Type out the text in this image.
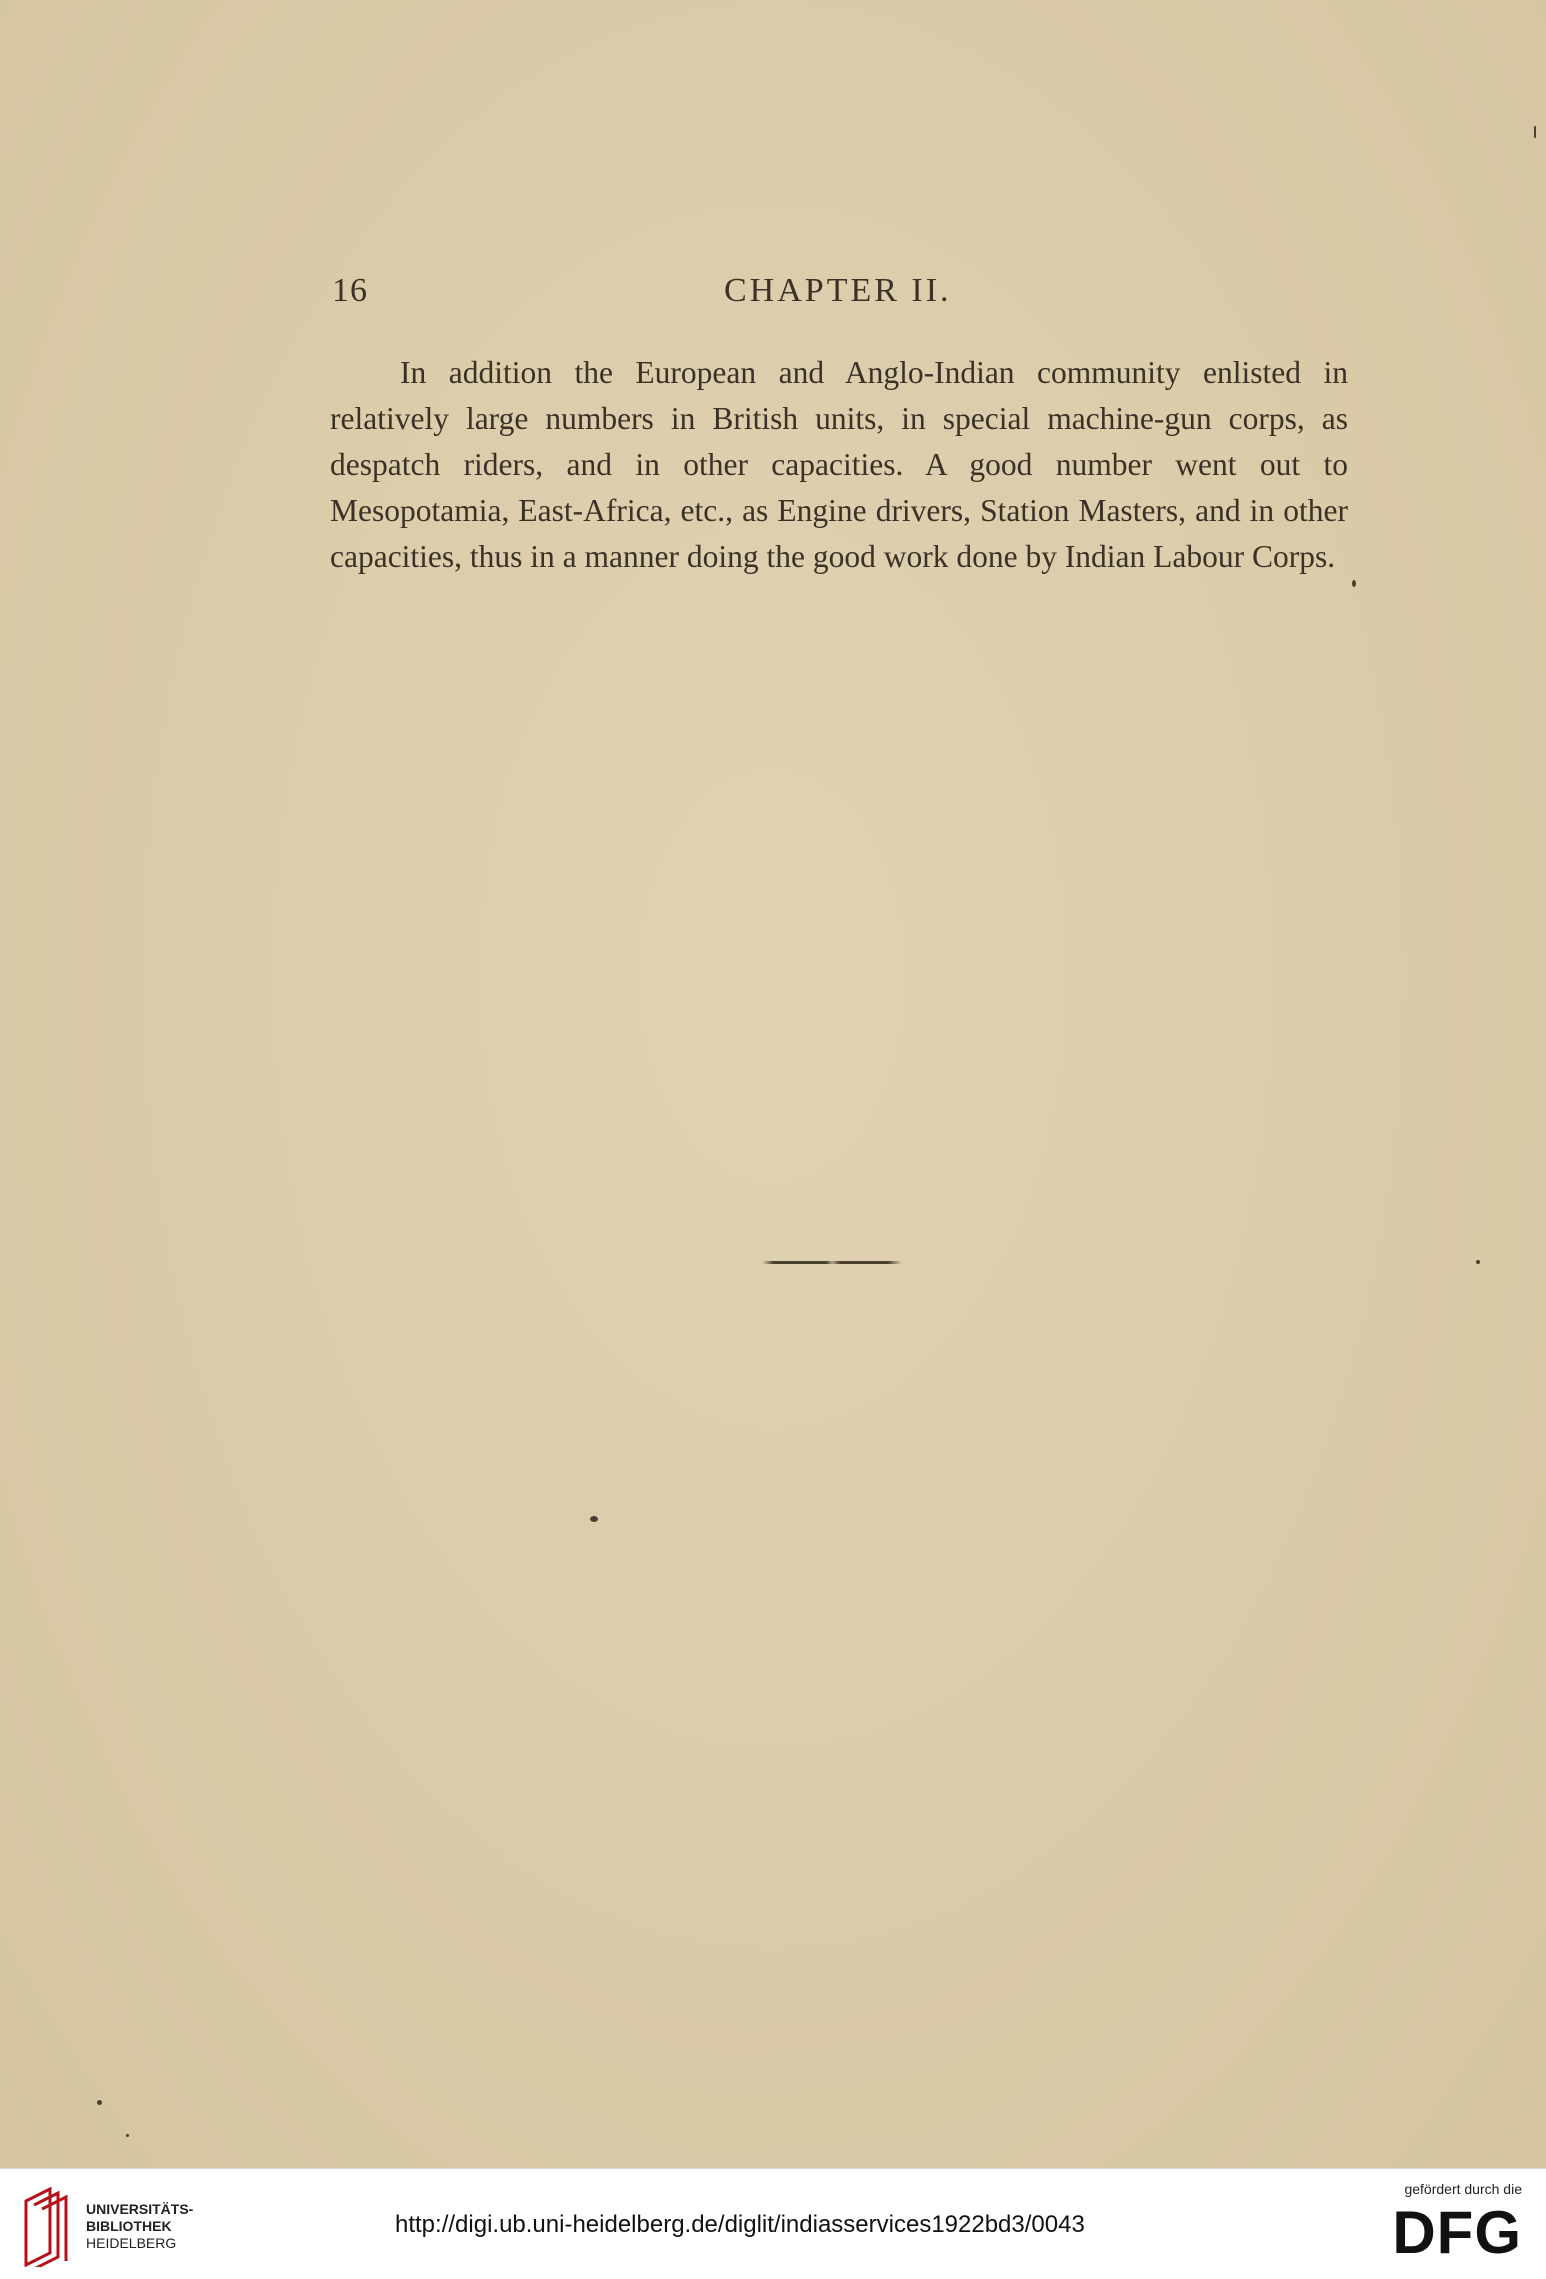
16	CHAPTER II.

In addition the European and Anglo-Indian community enlisted in relatively large numbers in British units, in special machine-gun corps, as despatch riders, and in other capacities. A good number went out to Mesopotamia, East-Africa, etc., as Engine drivers, Station Masters, and in other capacities, thus in a manner doing the good work done by Indian Labour Corps.

UNIVERSITÄTS-
BIBLIOTHEK
HEIDELBERG
http://digi.ub.uni-heidelberg.de/diglit/indiasservices1922bd3/0043
gefördert durch die
DFG
